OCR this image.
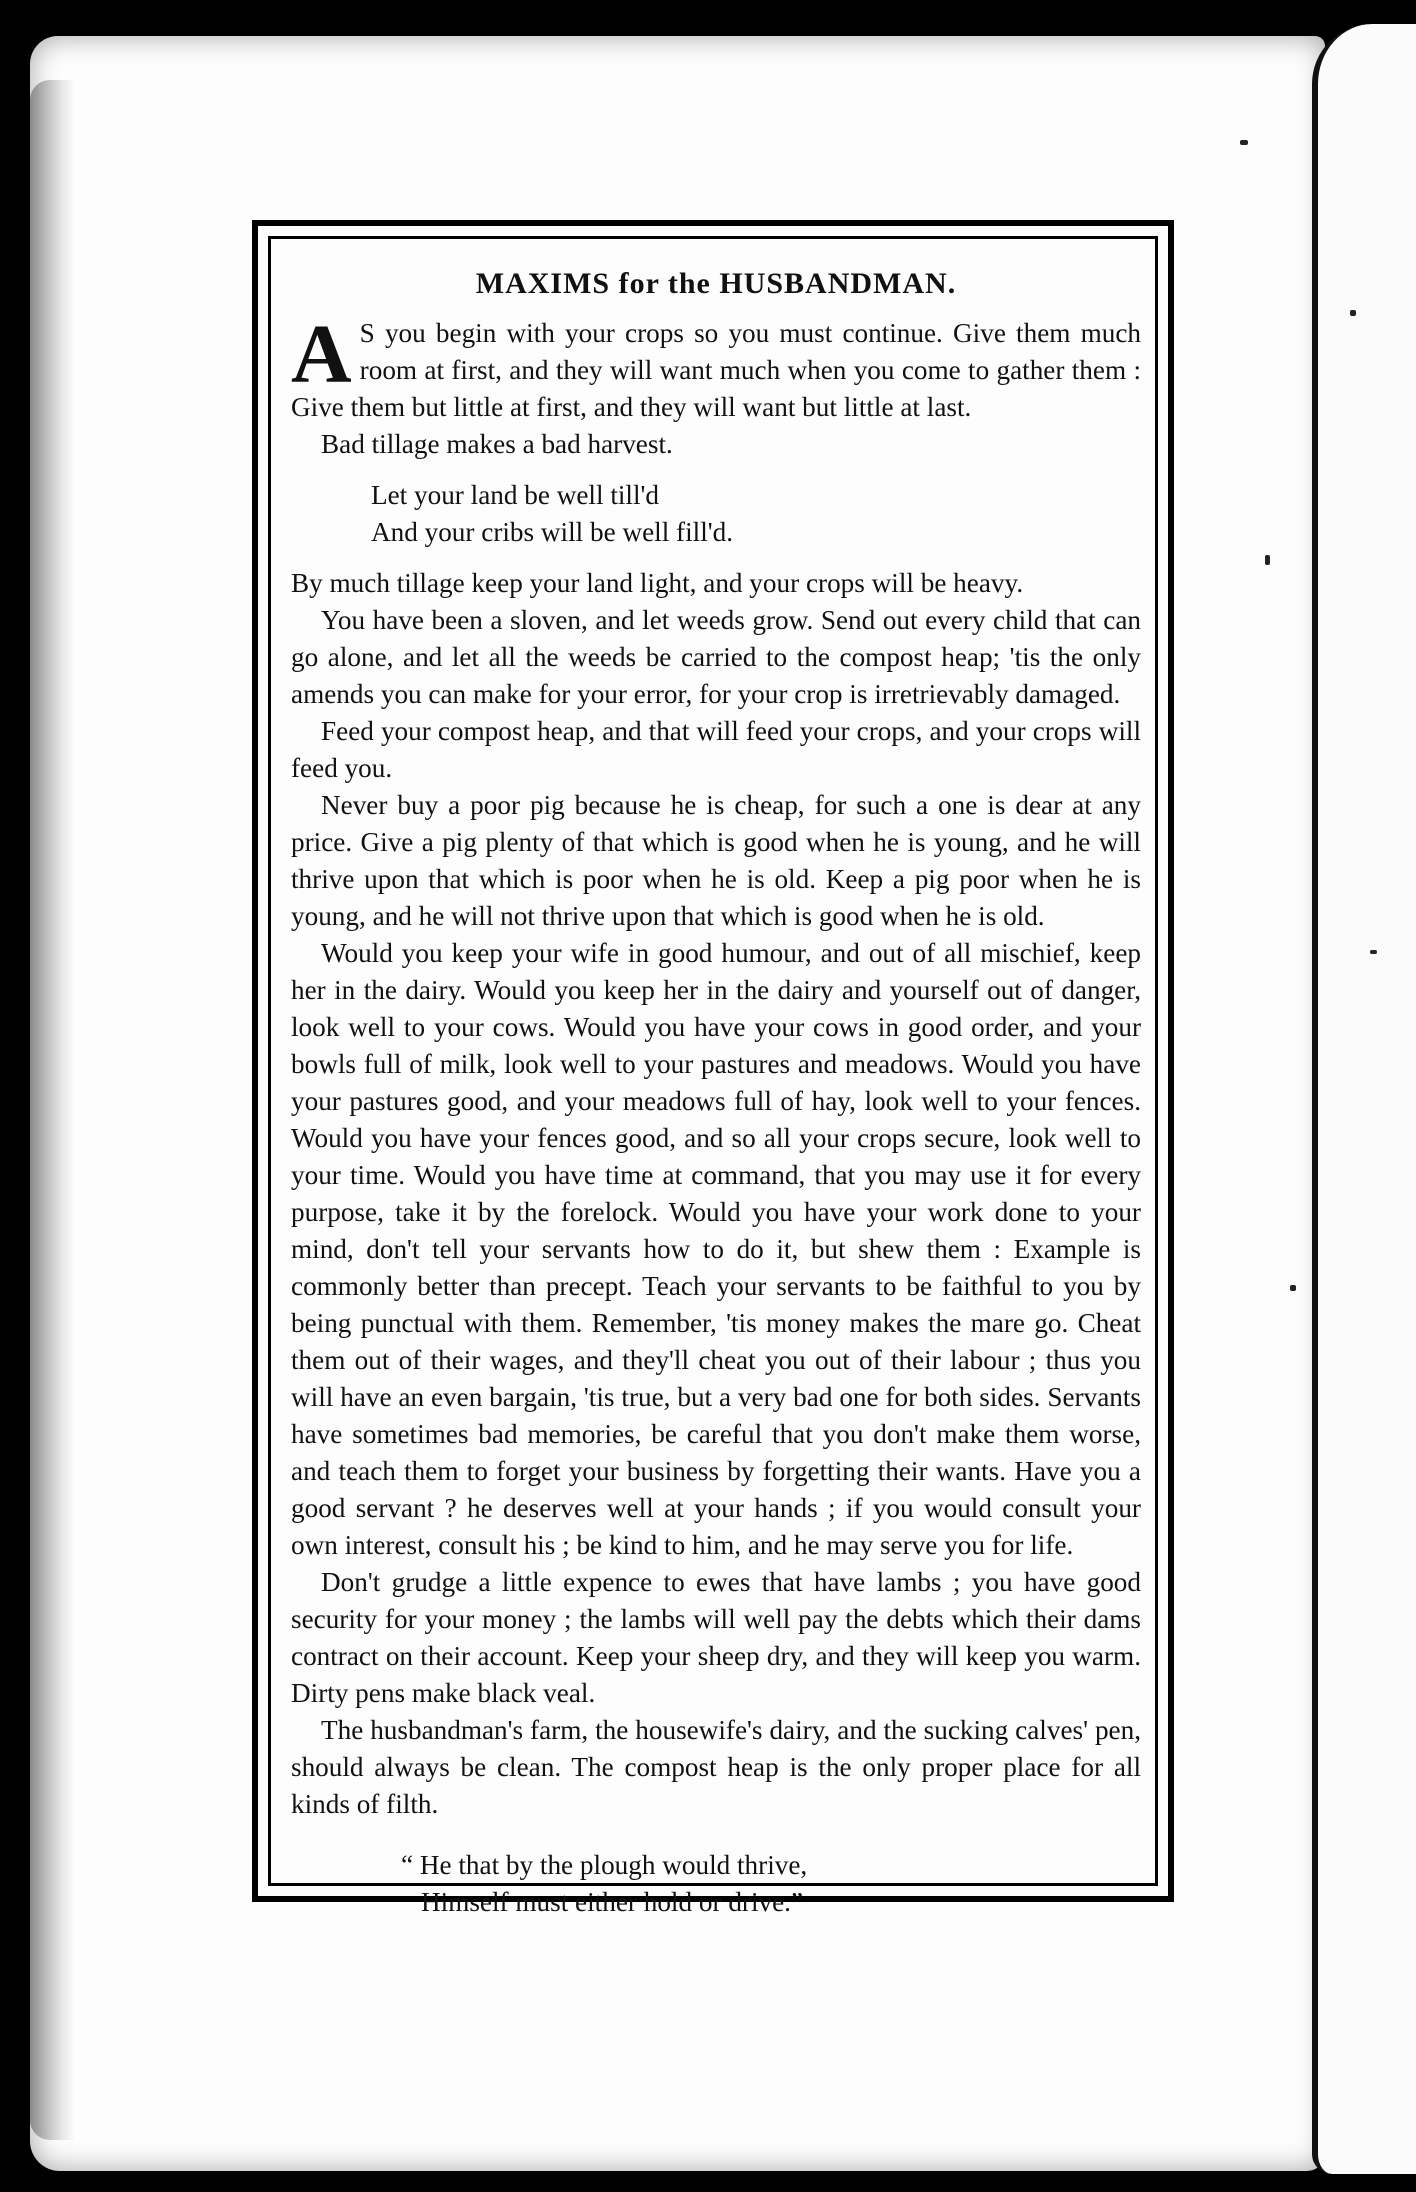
MAXIMS for the HUSBANDMAN.

A S you begin with your crops so you must continue. Give them much room at first, and they will want much when you come to gather them : Give them but little at first, and they will want but little at last.

Bad tillage makes a bad harvest.

Let your land be well till'd
And your cribs will be well fill'd.

By much tillage keep your land light, and your crops will be heavy.

You have been a sloven, and let weeds grow. Send out every child that can go alone, and let all the weeds be carried to the compost heap; 'tis the only amends you can make for your error, for your crop is irretrievably damaged.

Feed your compost heap, and that will feed your crops, and your crops will feed you.

Never buy a poor pig because he is cheap, for such a one is dear at any price. Give a pig plenty of that which is good when he is young, and he will thrive upon that which is poor when he is old. Keep a pig poor when he is young, and he will not thrive upon that which is good when he is old.

Would you keep your wife in good humour, and out of all mischief, keep her in the dairy. Would you keep her in the dairy and yourself out of danger, look well to your cows. Would you have your cows in good order, and your bowls full of milk, look well to your pastures and meadows. Would you have your pastures good, and your meadows full of hay, look well to your fences. Would you have your fences good, and so all your crops secure, look well to your time. Would you have time at command, that you may use it for every purpose, take it by the forelock. Would you have your work done to your mind, don't tell your servants how to do it, but shew them : Example is commonly better than precept. Teach your servants to be faithful to you by being punctual with them. Remember, 'tis money makes the mare go. Cheat them out of their wages, and they'll cheat you out of their labour ; thus you will have an even bargain, 'tis true, but a very bad one for both sides. Servants have sometimes bad memories, be careful that you don't make them worse, and teach them to forget your business by forgetting their wants. Have you a good servant ? he deserves well at your hands ; if you would consult your own interest, consult his ; be kind to him, and he may serve you for life.

Don't grudge a little expence to ewes that have lambs ; you have good security for your money ; the lambs will well pay the debts which their dams contract on their account. Keep your sheep dry, and they will keep you warm. Dirty pens make black veal.

The husbandman's farm, the housewife's dairy, and the sucking calves' pen, should always be clean. The compost heap is the only proper place for all kinds of filth.

“ He that by the plough would thrive,
Himself must either hold or drive.”
